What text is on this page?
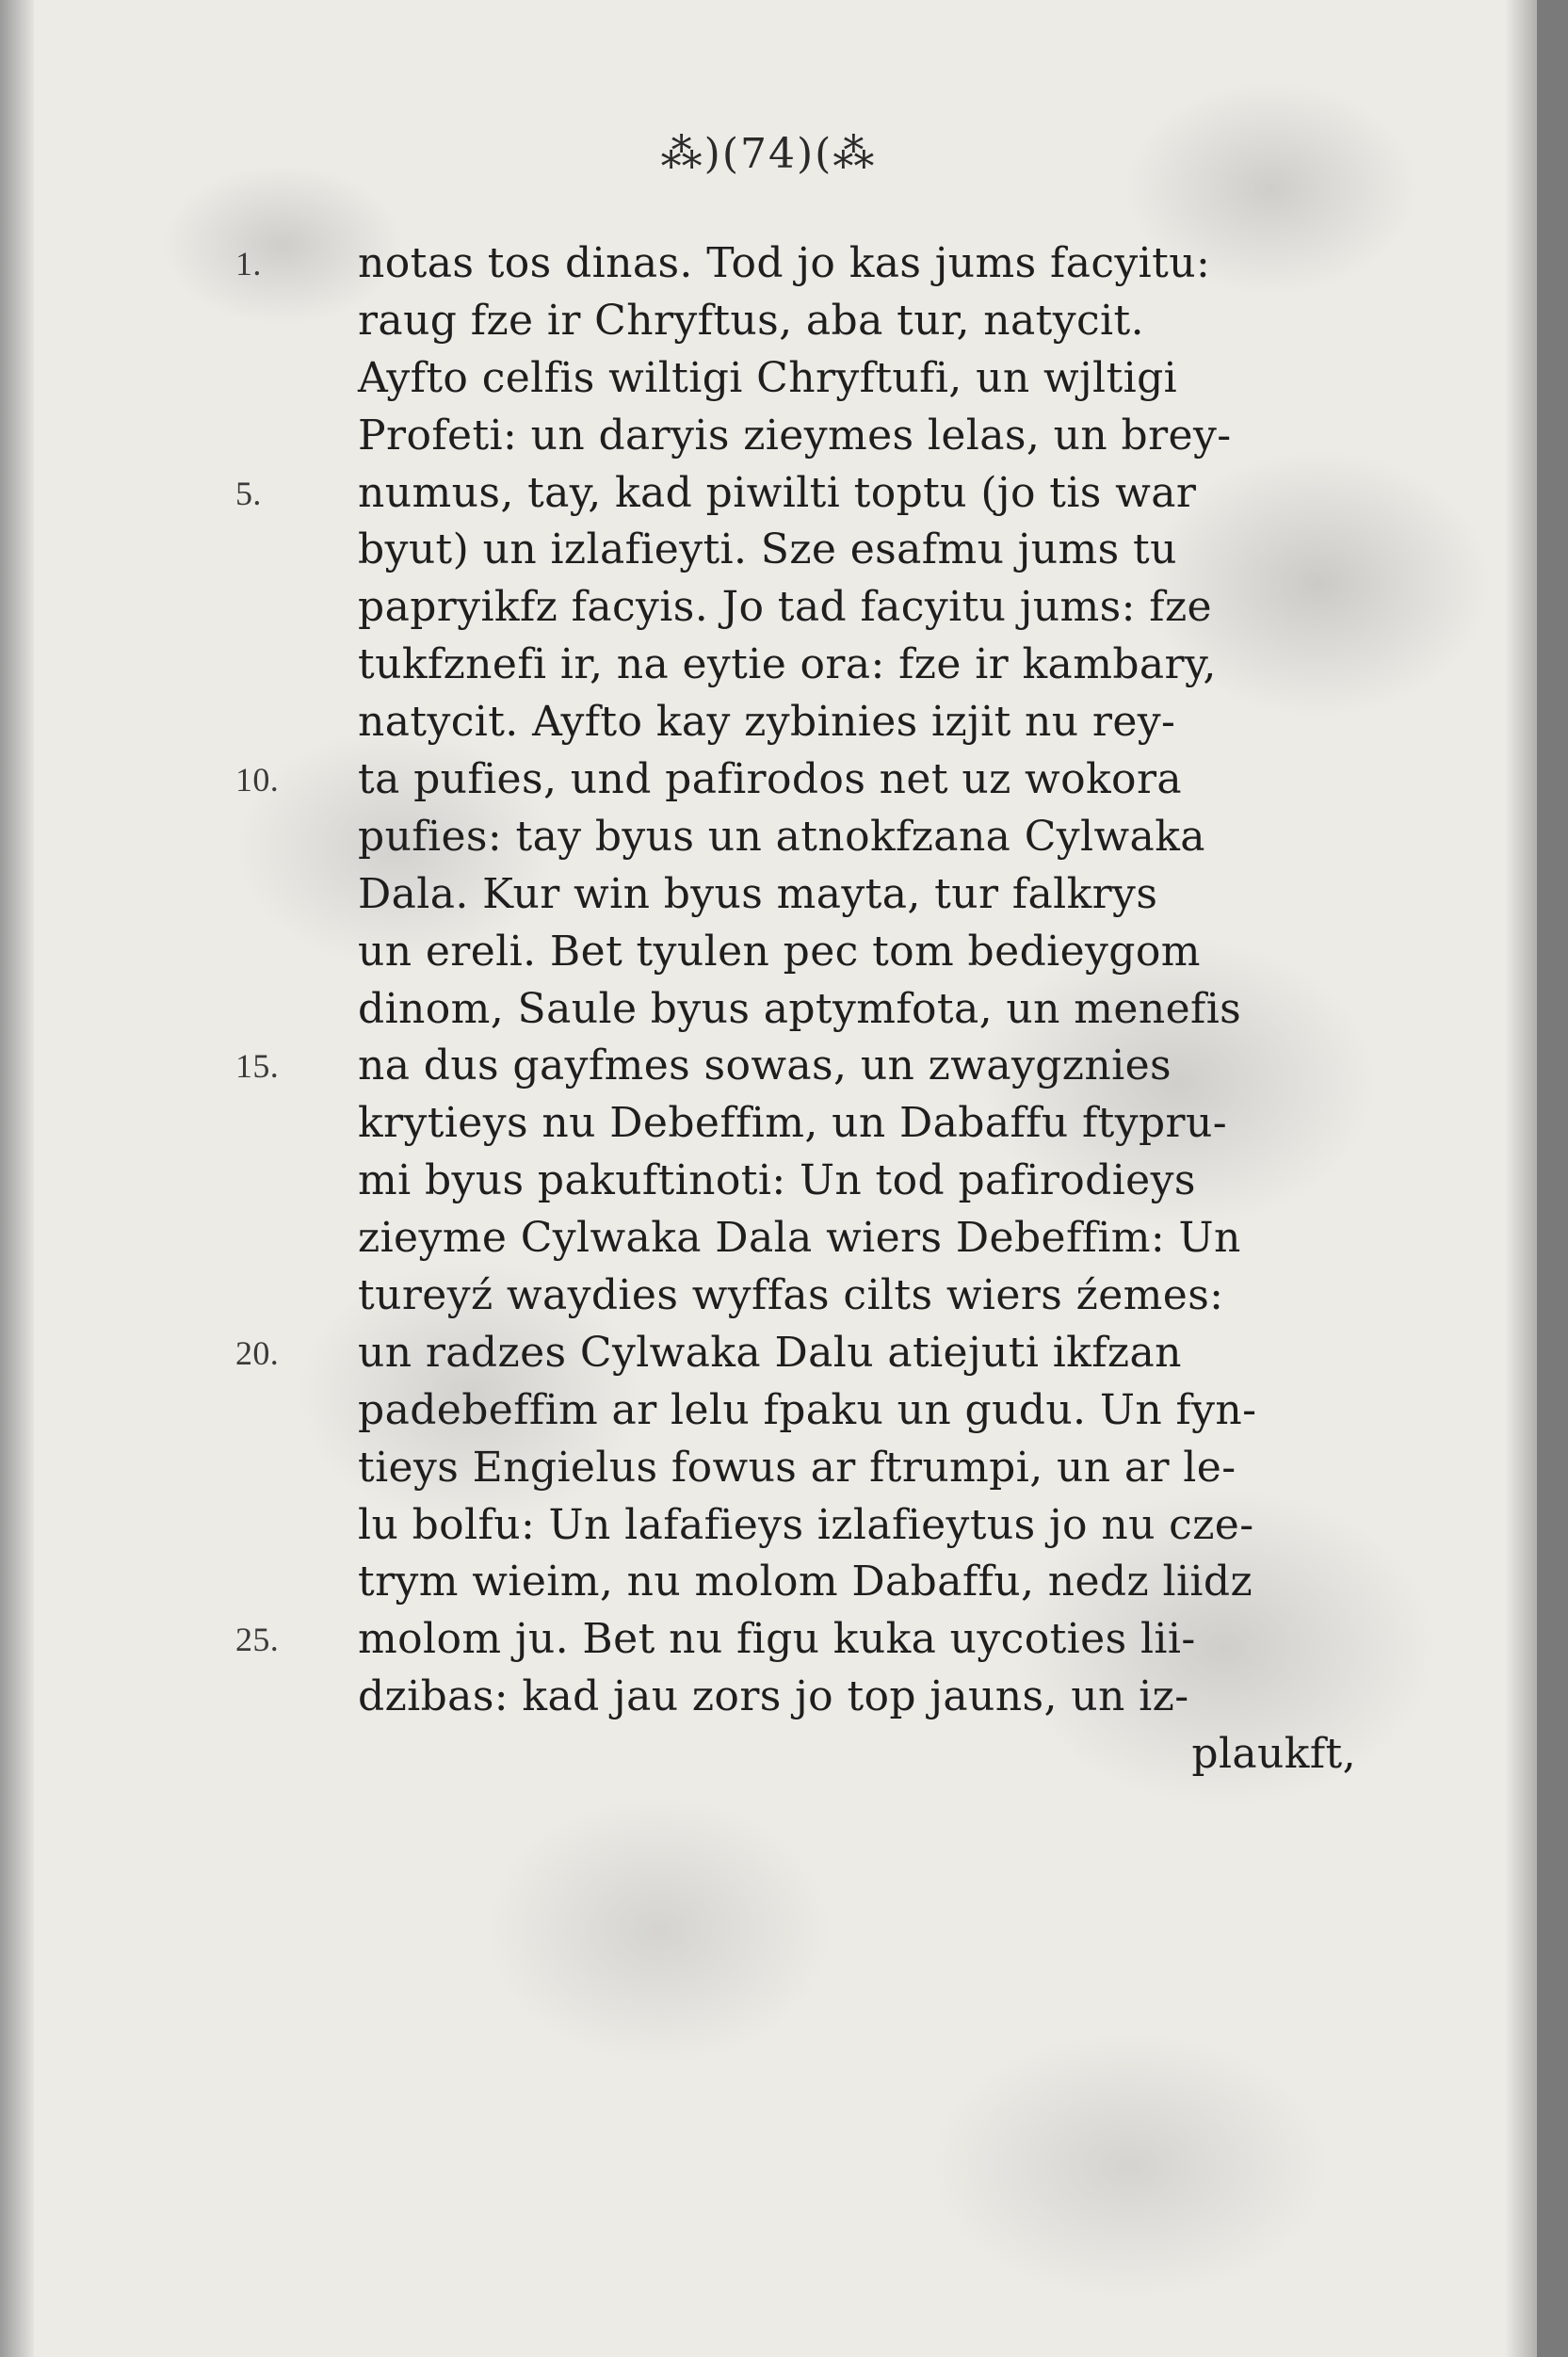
⁂)(74)(⁂
1.	notas tos dinas. Tod jo kas jums facyitu:
raug fze ir Chryftus, aba tur, natycit.
Ayfto celfis wiltigi Chryftufi, un wjltigi
Profeti: un daryis zieymes lelas, un brey-
5.	numus, tay, kad piwilti toptu (jo tis war
byut) un izlafieyti. Sze esafmu jums tu
papryikfz facyis. Jo tad facyitu jums: fze
tukfznefi ir, na eytie ora: fze ir kambary,
natycit. Ayfto kay zybinies izjit nu rey-
10.	ta pufies, und pafirodos net uz wokora
pufies: tay byus un atnokfzana Cylwaka
Dala. Kur win byus mayta, tur falkrys
un ereli. Bet tyulen pec tom bedieygom
dinom, Saule byus aptymfota, un menefis
15.	na dus gayfmes sowas, un zwaygznies
krytieys nu Debeffim, un Dabaffu ftypru-
mi byus pakuftinoti: Un tod pafirodieys
zieyme Cylwaka Dala wiers Debeffim: Un
tureyź waydies wyffas cilts wiers źemes:
20.	un radzes Cylwaka Dalu atiejuti ikfzan
padebeffim ar lelu fpaku un gudu. Un fyn-
tieys Engielus fowus ar ftrumpi, un ar le-
lu bolfu: Un lafafieys izlafieytus jo nu cze-
trym wieim, nu molom Dabaffu, nedz liidz
25.	molom ju. Bet nu figu kuka uycoties lii-
dzibas: kad jau zors jo top jauns, un iz-
plaukft,
